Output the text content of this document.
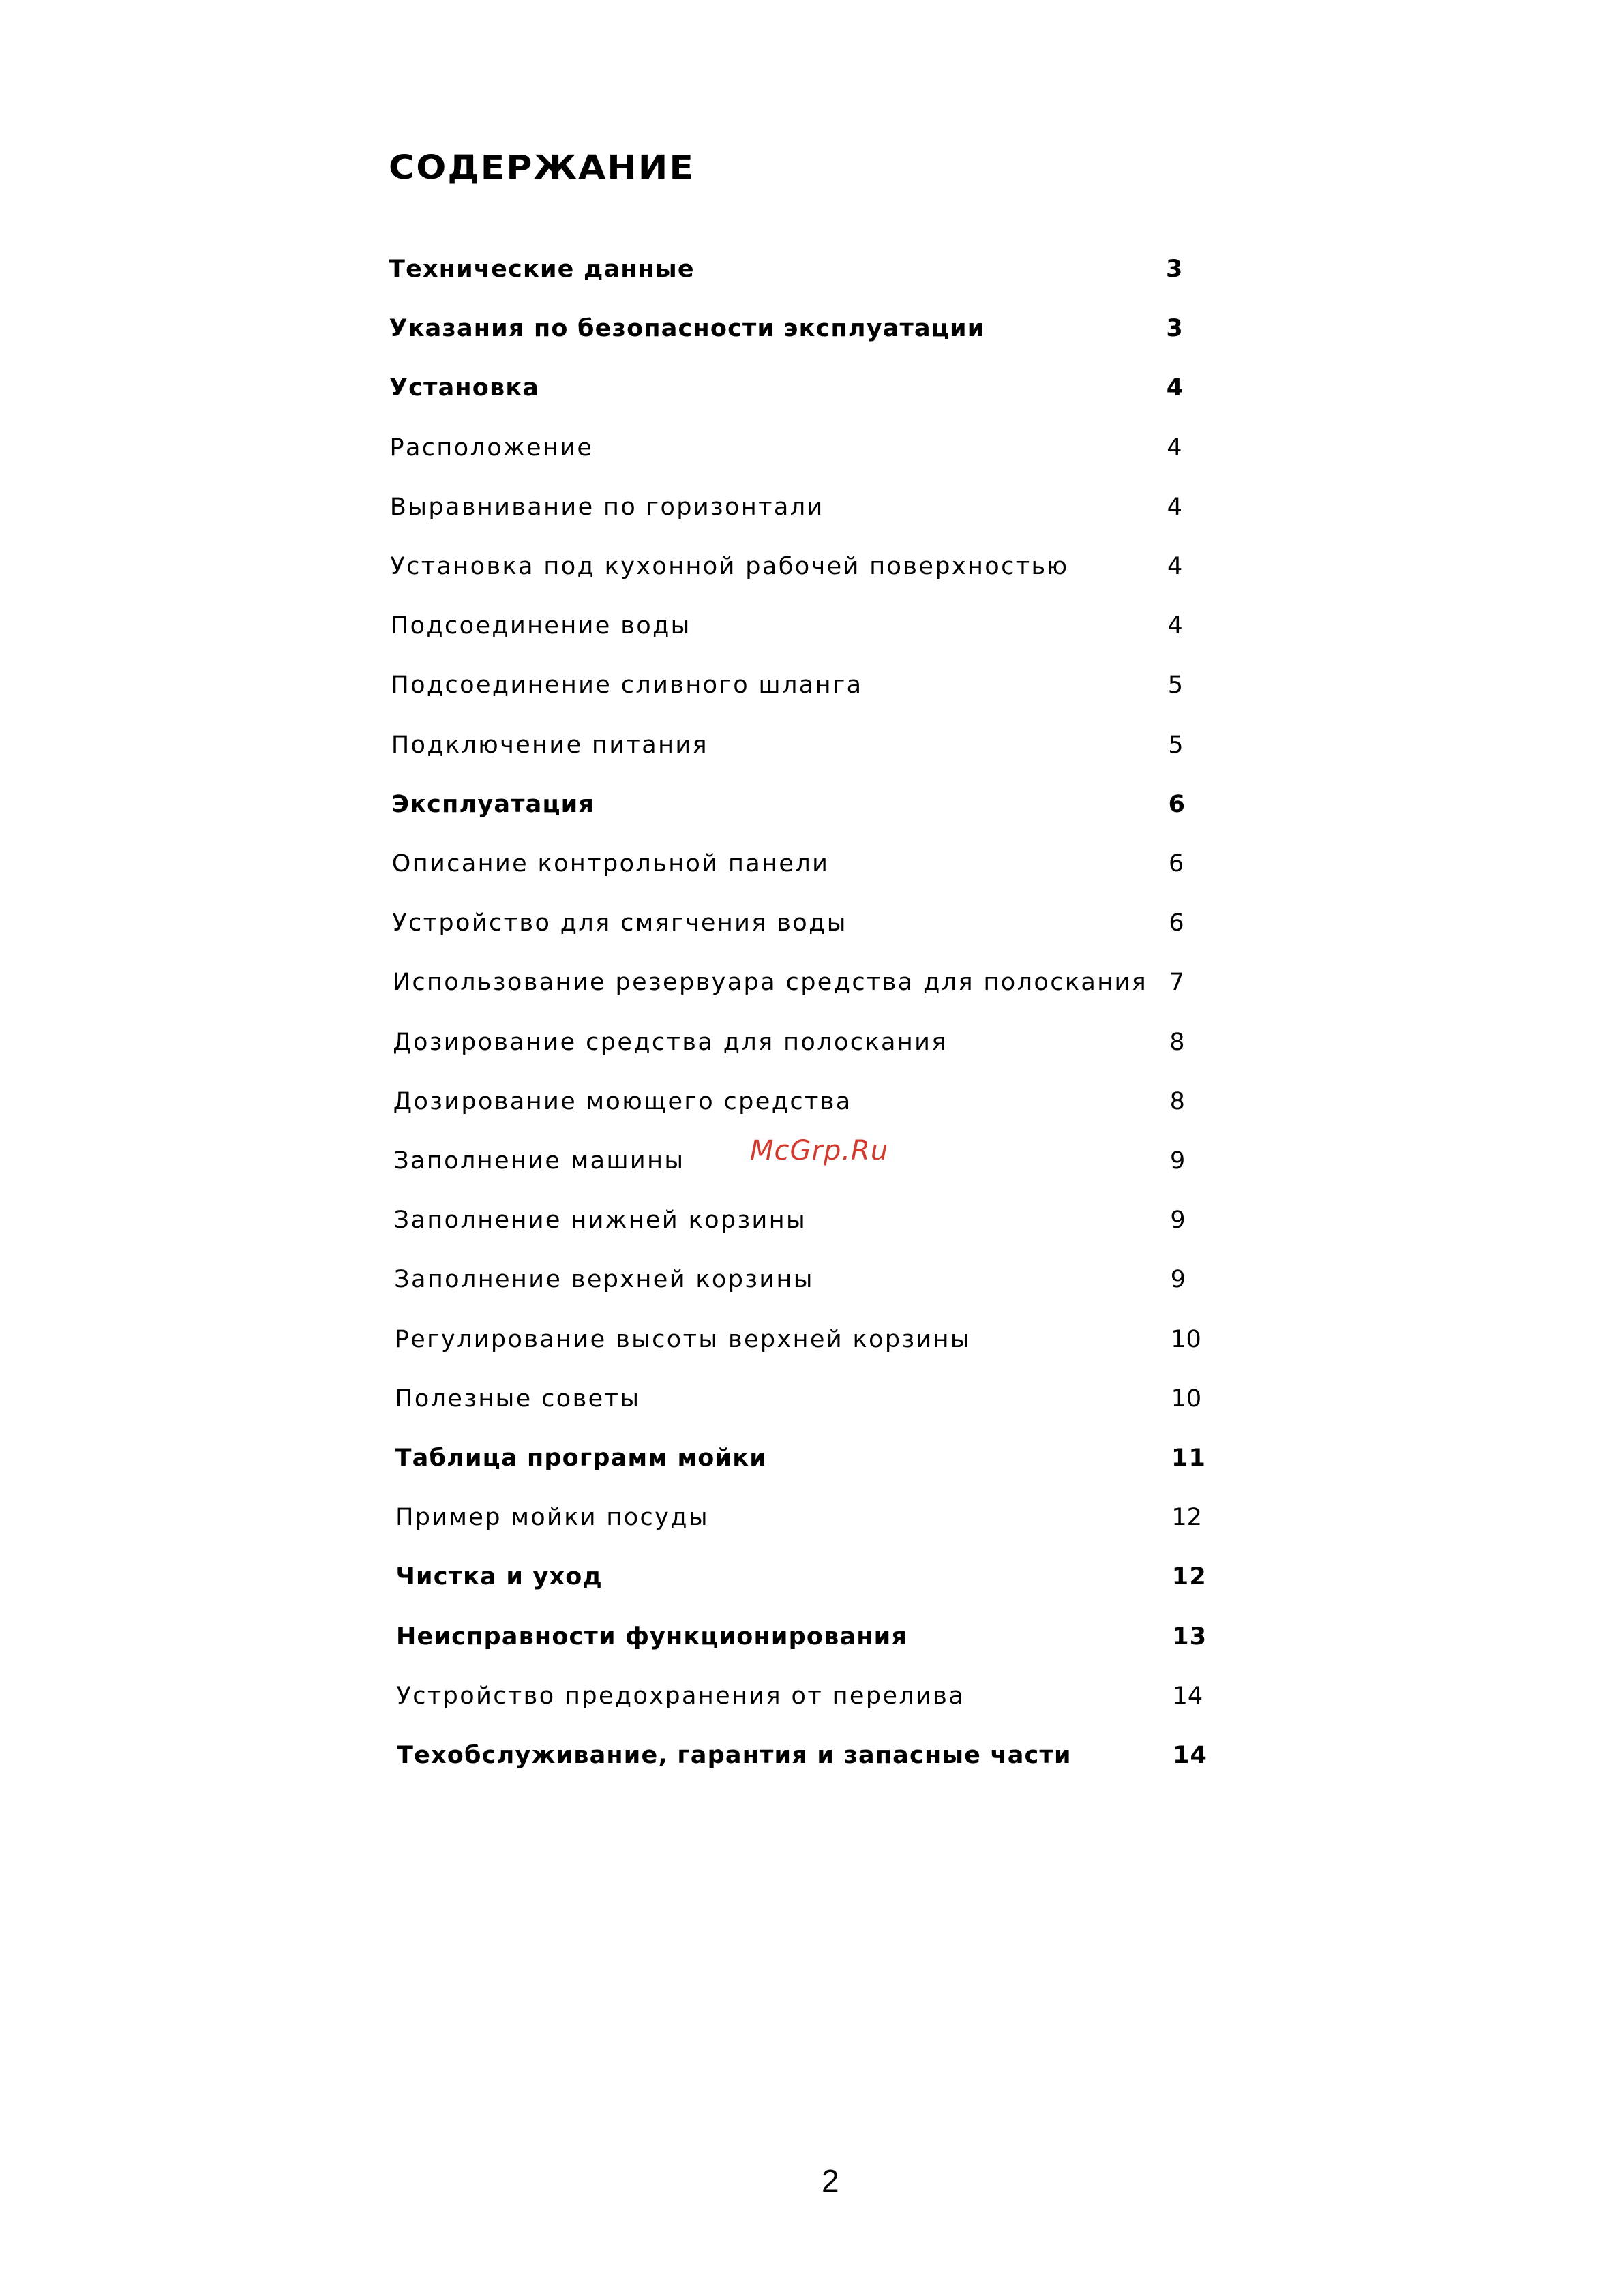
СОДЕРЖАНИЕ
Технические данные	3
Указания по безопасности эксплуатации	3
Установка	4
Расположение	4
Выравнивание по горизонтали	4
Установка под кухонной рабочей поверхностью	4
Подсоединение воды	4
Подсоединение сливного шланга	5
Подключение питания	5
Эксплуатация	6
Описание контрольной панели	6
Устройство для смягчения воды	6
Использование резервуара средства для полоскания 7
Дозирование средства для полоскания	8
Дозирование моющего средства	8
Заполнение машины	9
Заполнение нижней корзины	9
Заполнение верхней корзины	9
Регулирование высоты верхней корзины	10
Полезные советы	10
Таблица программ мойки	11
Пример мойки посуды	12
Чистка и уход	12
Неисправности функционирования	13
Устройство предохранения от перелива	14
Техобслуживание, гарантия и запасные части	14
McGrp.Ru
2
